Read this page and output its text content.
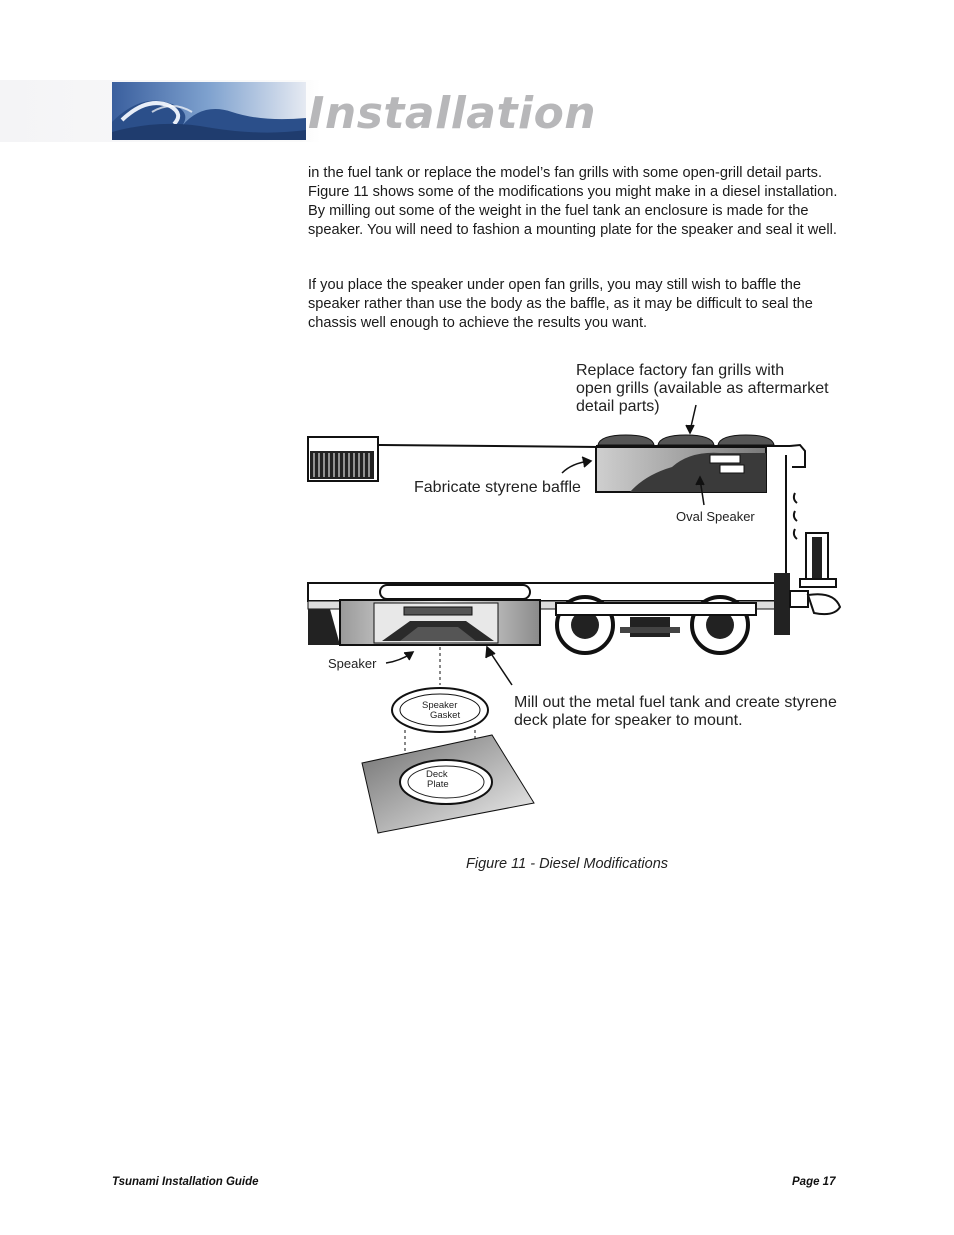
Installation
in the fuel tank or replace the model’s fan grills with some open-grill detail parts. Figure 11 shows some of the modifications you might make in a diesel installation. By milling out some of the weight in the fuel tank an enclosure is made for the speaker. You will need to fashion a mounting plate for the speaker and seal it well.
If you place the speaker under open fan grills, you may still wish to baffle the speaker rather than use the body as the baffle, as it may be difficult to seal the chassis well enough to achieve the results you want.
Replace factory fan grills with
open grills (available as aftermarket
detail parts)
Fabricate styrene baffle
Oval Speaker
Speaker
Mill out the metal fuel tank and create styrene
deck plate for speaker to mount.
Speaker
Gasket
Deck
Plate
Figure 11 - Diesel Modifications
Tsunami Installation Guide	Page 17
